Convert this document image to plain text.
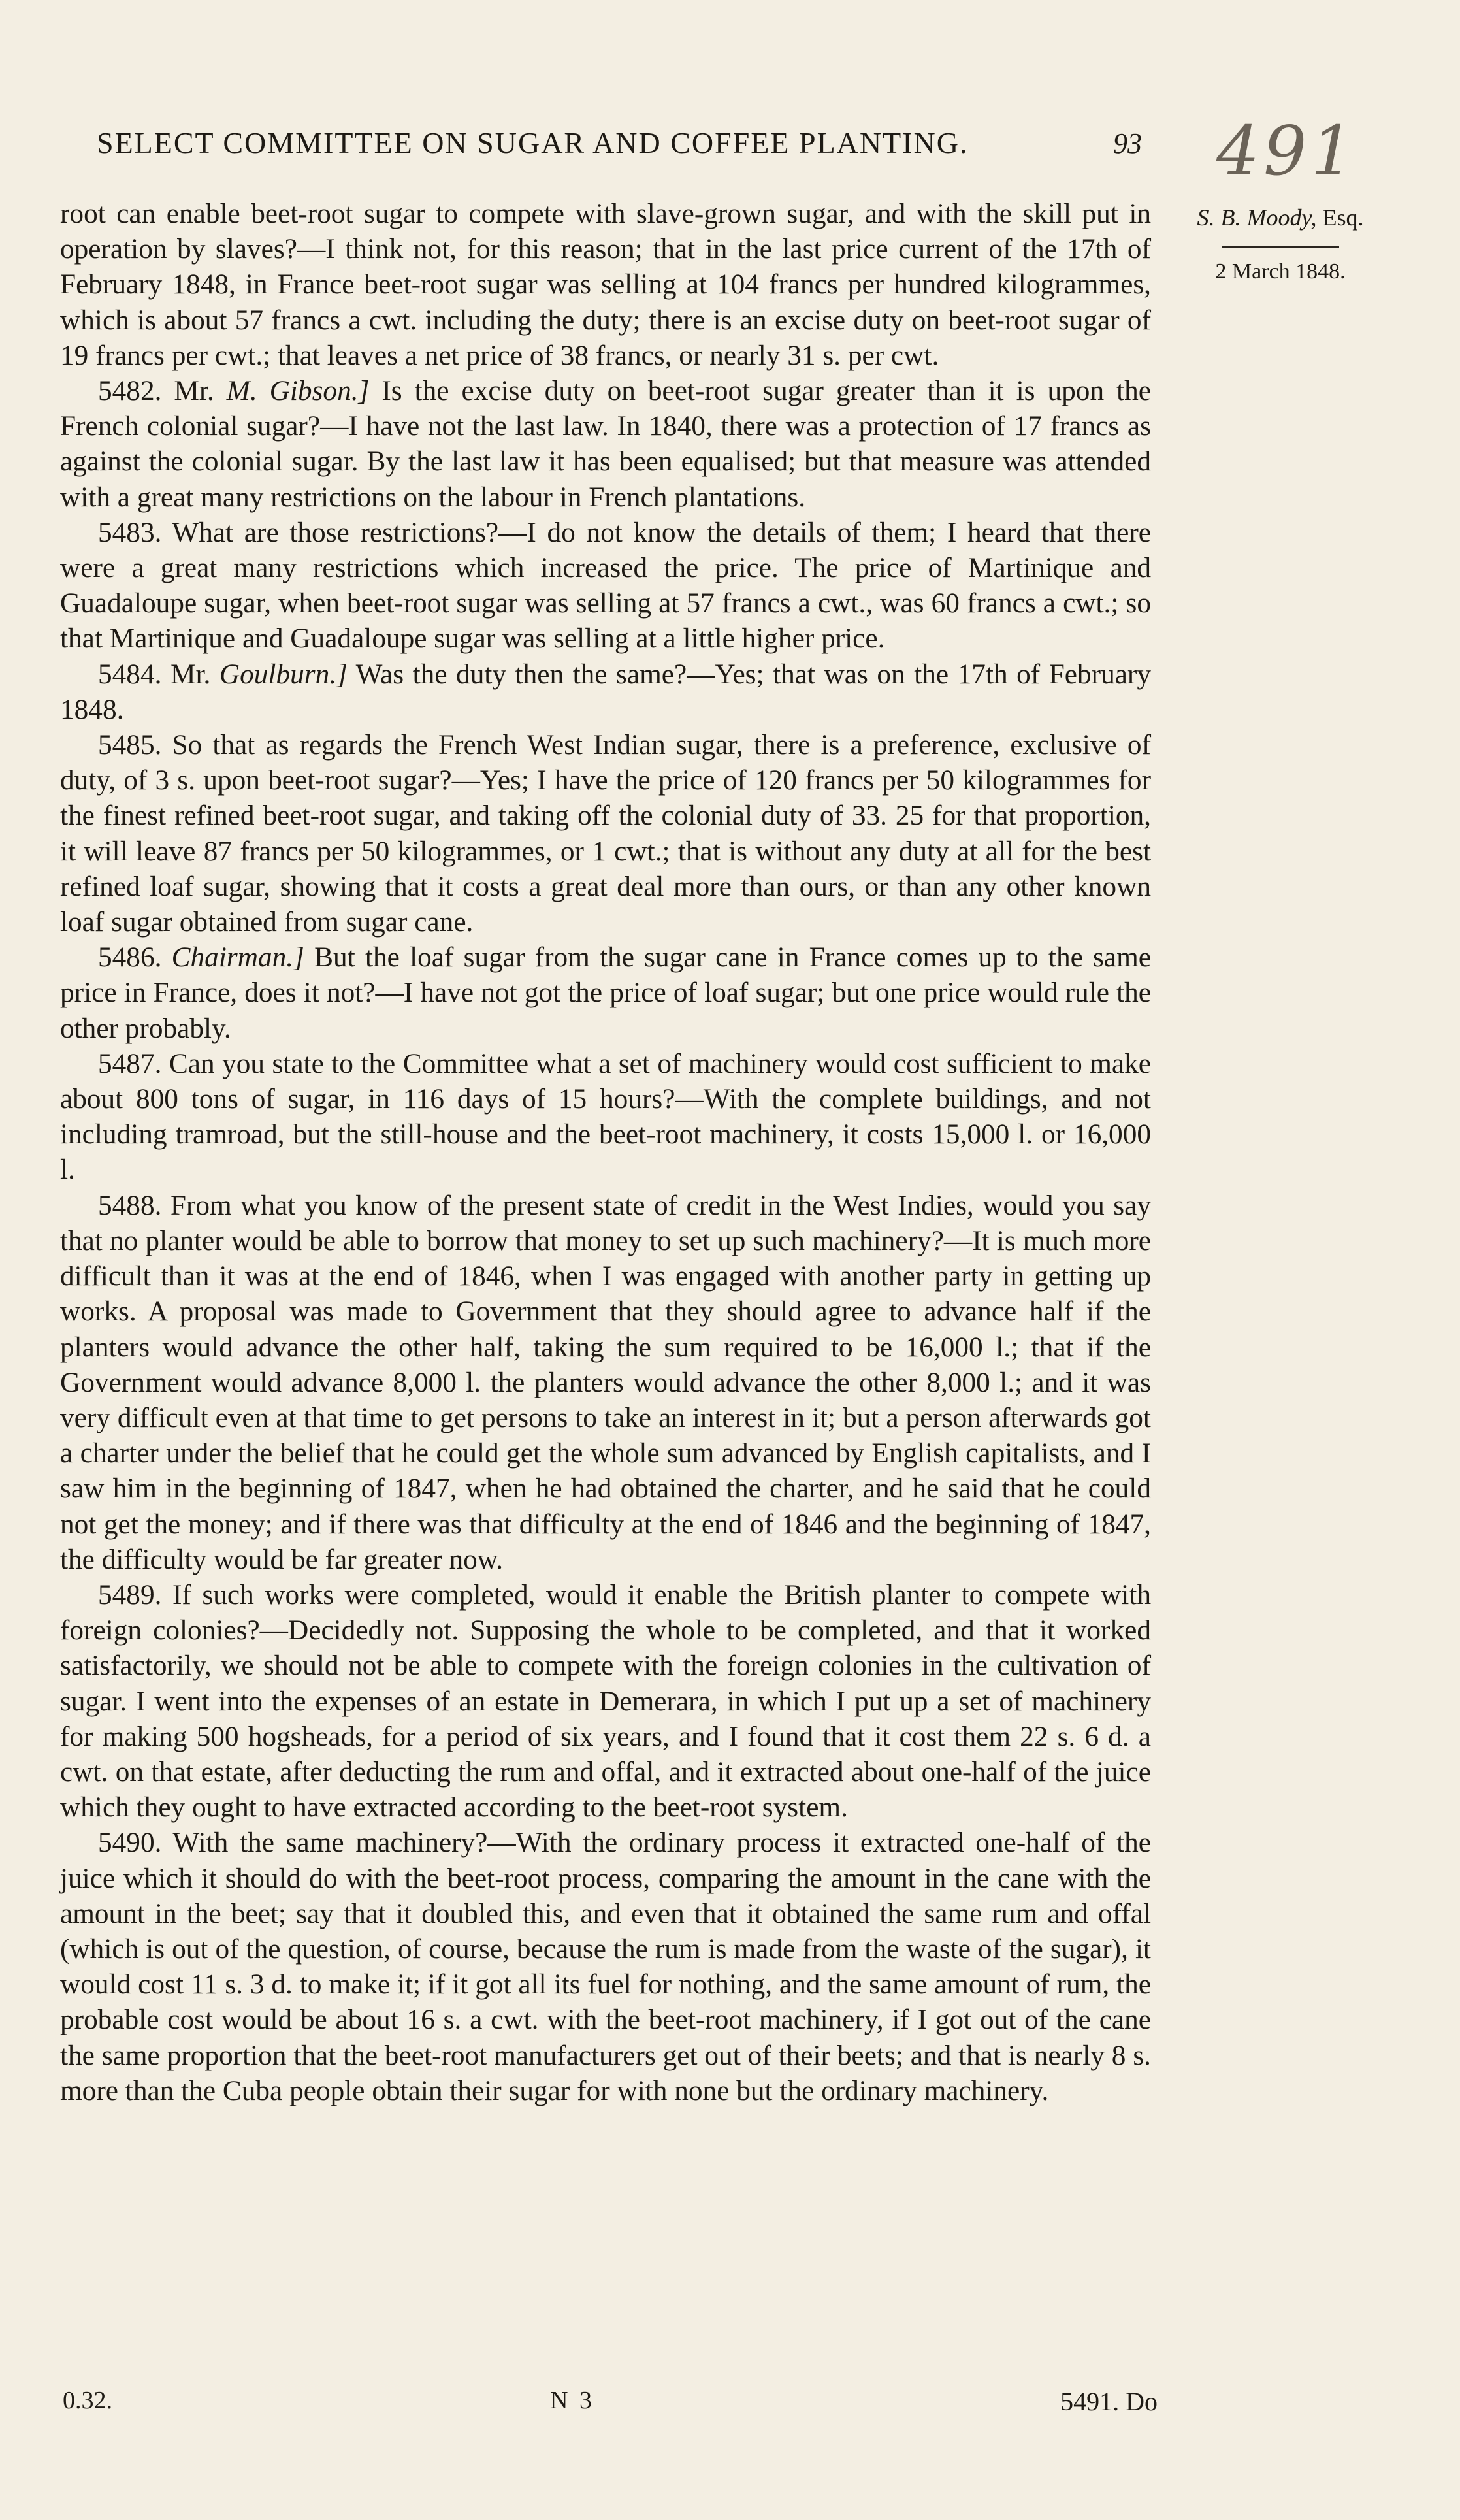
SELECT COMMITTEE ON SUGAR AND COFFEE PLANTING.	93 491
S. B. Moody, Esq.
2 March 1848.

root can enable beet-root sugar to compete with slave-grown sugar, and with the skill put in operation by slaves?—I think not, for this reason; that in the last price current of the 17th of February 1848, in France beet-root sugar was selling at 104 francs per hundred kilogrammes, which is about 57 francs a cwt. including the duty; there is an excise duty on beet-root sugar of 19 francs per cwt.; that leaves a net price of 38 francs, or nearly 31 s. per cwt.

5482. Mr. M. Gibson.] Is the excise duty on beet-root sugar greater than it is upon the French colonial sugar?—I have not the last law. In 1840, there was a protection of 17 francs as against the colonial sugar. By the last law it has been equalised; but that measure was attended with a great many restrictions on the labour in French plantations.

5483. What are those restrictions?—I do not know the details of them; I heard that there were a great many restrictions which increased the price. The price of Martinique and Guadaloupe sugar, when beet-root sugar was selling at 57 francs a cwt., was 60 francs a cwt.; so that Martinique and Guadaloupe sugar was selling at a little higher price.

5484. Mr. Goulburn.] Was the duty then the same?—Yes; that was on the 17th of February 1848.

5485. So that as regards the French West Indian sugar, there is a preference, exclusive of duty, of 3 s. upon beet-root sugar?—Yes; I have the price of 120 francs per 50 kilogrammes for the finest refined beet-root sugar, and taking off the colonial duty of 33. 25 for that proportion, it will leave 87 francs per 50 kilogrammes, or 1 cwt.; that is without any duty at all for the best refined loaf sugar, showing that it costs a great deal more than ours, or than any other known loaf sugar obtained from sugar cane.

5486. Chairman.] But the loaf sugar from the sugar cane in France comes up to the same price in France, does it not?—I have not got the price of loaf sugar; but one price would rule the other probably.

5487. Can you state to the Committee what a set of machinery would cost sufficient to make about 800 tons of sugar, in 116 days of 15 hours?—With the complete buildings, and not including tramroad, but the still-house and the beet-root machinery, it costs 15,000 l. or 16,000 l.

5488. From what you know of the present state of credit in the West Indies, would you say that no planter would be able to borrow that money to set up such machinery?—It is much more difficult than it was at the end of 1846, when I was engaged with another party in getting up works. A proposal was made to Government that they should agree to advance half if the planters would advance the other half, taking the sum required to be 16,000 l.; that if the Government would advance 8,000 l. the planters would advance the other 8,000 l.; and it was very difficult even at that time to get persons to take an interest in it; but a person afterwards got a charter under the belief that he could get the whole sum advanced by English capitalists, and I saw him in the beginning of 1847, when he had obtained the charter, and he said that he could not get the money; and if there was that difficulty at the end of 1846 and the beginning of 1847, the difficulty would be far greater now.

5489. If such works were completed, would it enable the British planter to compete with foreign colonies?—Decidedly not. Supposing the whole to be completed, and that it worked satisfactorily, we should not be able to compete with the foreign colonies in the cultivation of sugar. I went into the expenses of an estate in Demerara, in which I put up a set of machinery for making 500 hogsheads, for a period of six years, and I found that it cost them 22 s. 6 d. a cwt. on that estate, after deducting the rum and offal, and it extracted about one-half of the juice which they ought to have extracted according to the beet-root system.

5490. With the same machinery?—With the ordinary process it extracted one-half of the juice which it should do with the beet-root process, comparing the amount in the cane with the amount in the beet; say that it doubled this, and even that it obtained the same rum and offal (which is out of the question, of course, because the rum is made from the waste of the sugar), it would cost 11 s. 3 d. to make it; if it got all its fuel for nothing, and the same amount of rum, the probable cost would be about 16 s. a cwt. with the beet-root machinery, if I got out of the cane the same proportion that the beet-root manufacturers get out of their beets; and that is nearly 8 s. more than the Cuba people obtain their sugar for with none but the ordinary machinery.

0.32.	N 3	5491. Do
